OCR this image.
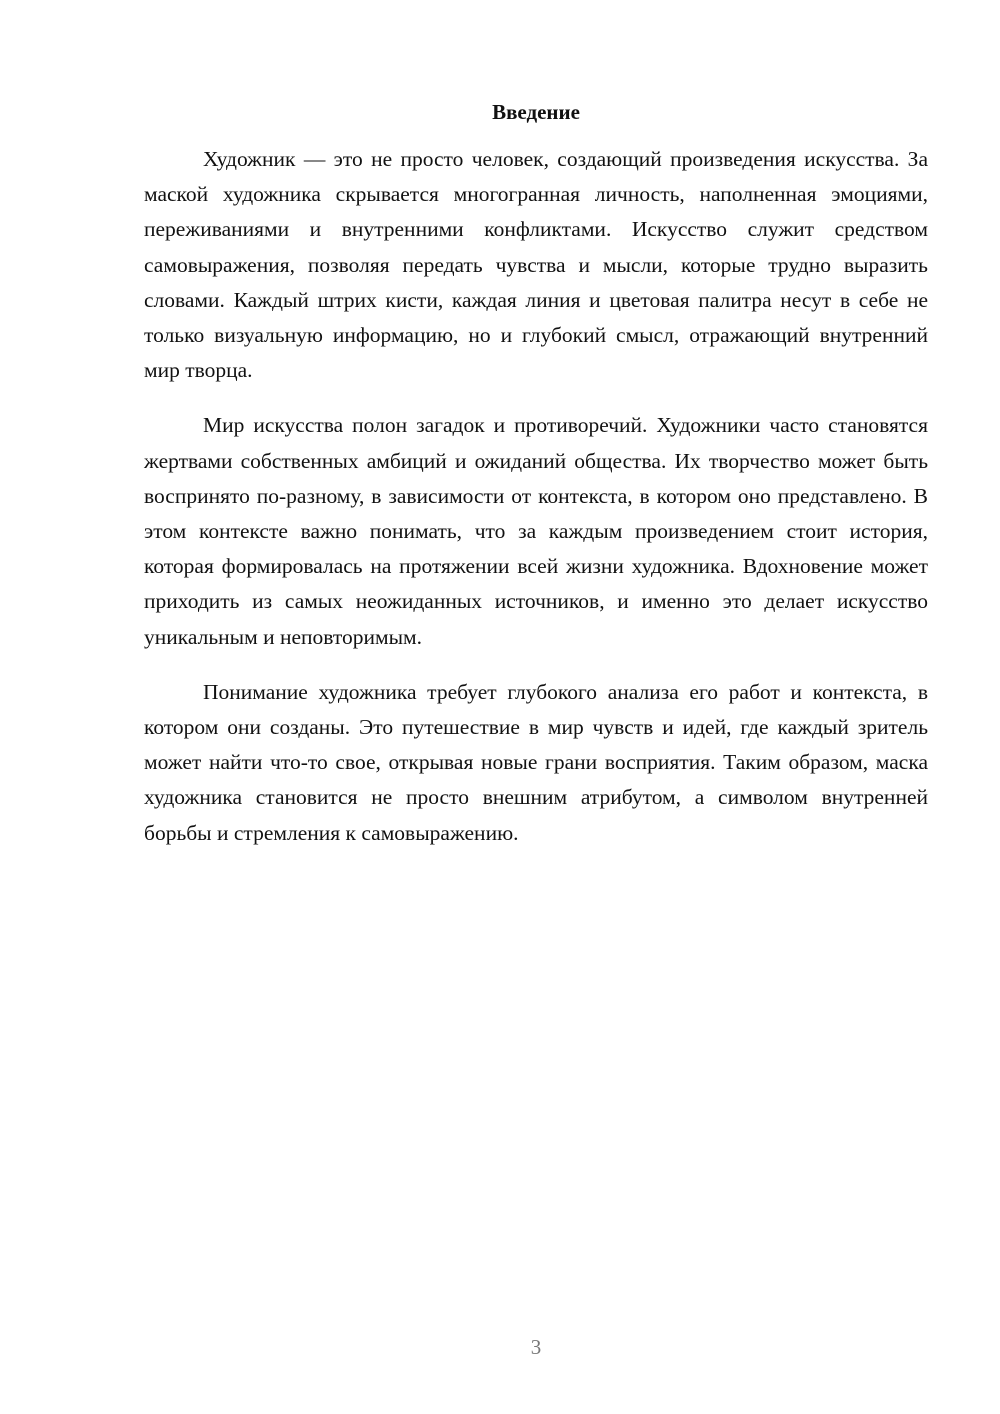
Введение

Художник — это не просто человек, создающий произведения искусства. За маской художника скрывается многогранная личность, наполненная эмоциями, переживаниями и внутренними конфликтами. Искусство служит средством самовыражения, позволяя передать чувства и мысли, которые трудно выразить словами. Каждый штрих кисти, каждая линия и цветовая палитра несут в себе не только визуальную информацию, но и глубокий смысл, отражающий внутренний мир творца.

Мир искусства полон загадок и противоречий. Художники часто становятся жертвами собственных амбиций и ожиданий общества. Их творчество может быть воспринято по-разному, в зависимости от контекста, в котором оно представлено. В этом контексте важно понимать, что за каждым произведением стоит история, которая формировалась на протяжении всей жизни художника. Вдохновение может приходить из самых неожиданных источников, и именно это делает искусство уникальным и неповторимым.

Понимание художника требует глубокого анализа его работ и контекста, в котором они созданы. Это путешествие в мир чувств и идей, где каждый зритель может найти что-то свое, открывая новые грани восприятия. Таким образом, маска художника становится не просто внешним атрибутом, а символом внутренней борьбы и стремления к самовыражению.

3
